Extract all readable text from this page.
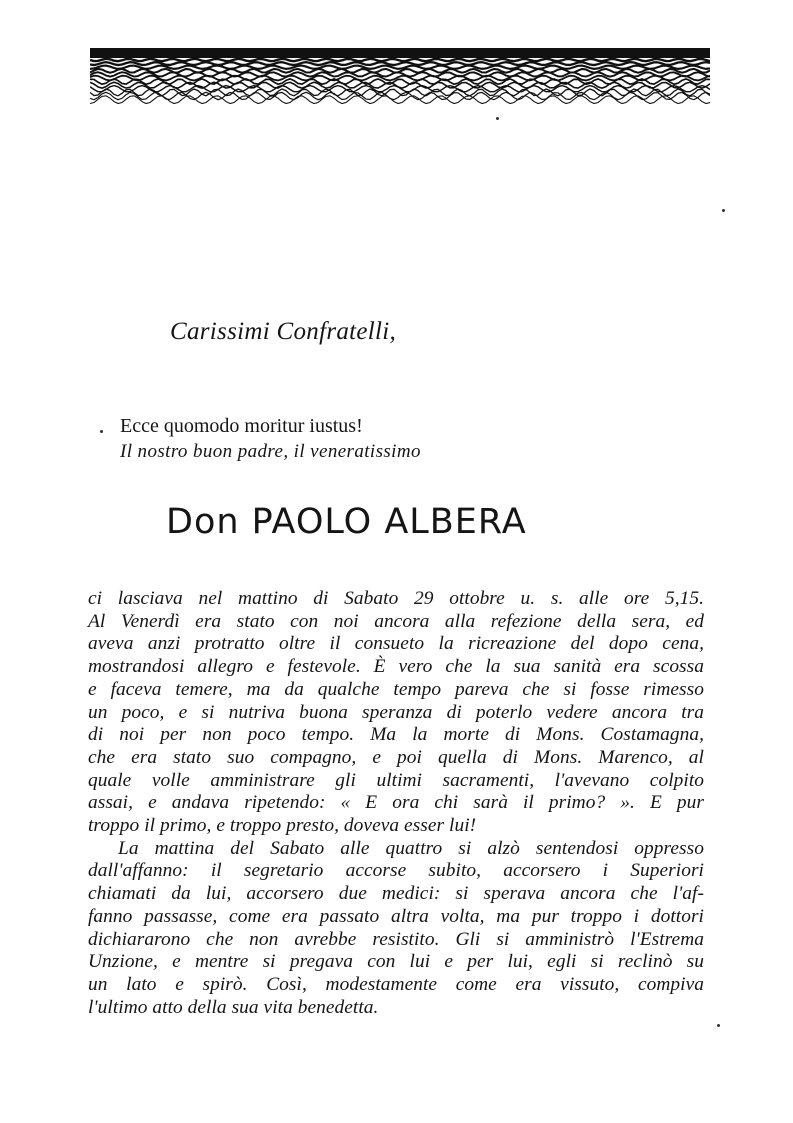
Carissimi Confratelli,
Ecce quomodo moritur iustus!
Il nostro buon padre, il veneratissimo
Don PAOLO ALBERA
ci lasciava nel mattino di Sabato 29 ottobre u. s. alle ore 5,15.
Al Venerdì era stato con noi ancora alla refezione della sera, ed
aveva anzi protratto oltre il consueto la ricreazione del dopo cena,
mostrandosi allegro e festevole. È vero che la sua sanità era scossa
e faceva temere, ma da qualche tempo pareva che si fosse rimesso
un poco, e si nutriva buona speranza di poterlo vedere ancora tra
di noi per non poco tempo. Ma la morte di Mons. Costamagna,
che era stato suo compagno, e poi quella di Mons. Marenco, al
quale volle amministrare gli ultimi sacramenti, l'avevano colpito
assai, e andava ripetendo: « E ora chi sarà il primo? ». E pur
troppo il primo, e troppo presto, doveva esser lui!
La mattina del Sabato alle quattro si alzò sentendosi oppresso
dall'affanno: il segretario accorse subito, accorsero i Superiori
chiamati da lui, accorsero due medici: si sperava ancora che l'af-
fanno passasse, come era passato altra volta, ma pur troppo i dottori
dichiararono che non avrebbe resistito. Gli si amministrò l'Estrema
Unzione, e mentre si pregava con lui e per lui, egli si reclinò su
un lato e spirò. Così, modestamente come era vissuto, compiva
l'ultimo atto della sua vita benedetta.
